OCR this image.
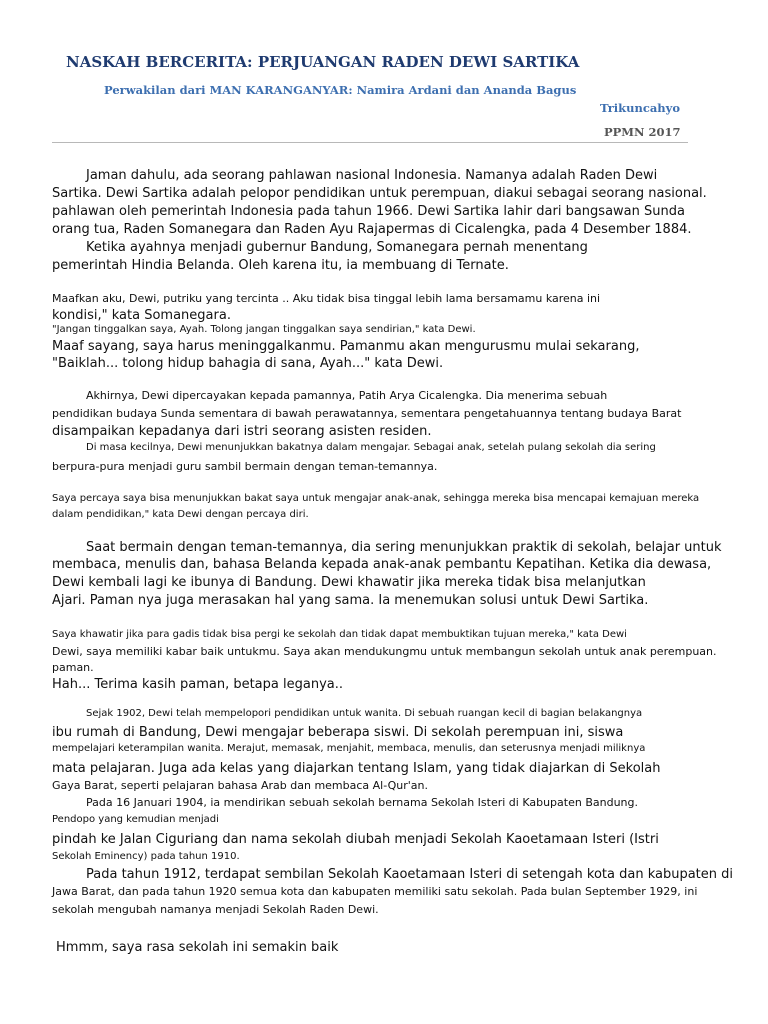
NASKAH BERCERITA: PERJUANGAN RADEN DEWI SARTIKA
Perwakilan dari MAN KARANGANYAR: Namira Ardani dan Ananda Bagus
Trikuncahyo
PPMN 2017
Jaman dahulu, ada seorang pahlawan nasional Indonesia. Namanya adalah Raden Dewi
Sartika. Dewi Sartika adalah pelopor pendidikan untuk perempuan, diakui sebagai seorang nasional.
pahlawan oleh pemerintah Indonesia pada tahun 1966. Dewi Sartika lahir dari bangsawan Sunda
orang tua, Raden Somanegara dan Raden Ayu Rajapermas di Cicalengka, pada 4 Desember 1884.
Ketika ayahnya menjadi gubernur Bandung, Somanegara pernah menentang
pemerintah Hindia Belanda. Oleh karena itu, ia membuang di Ternate.
Maafkan aku, Dewi, putriku yang tercinta .. Aku tidak bisa tinggal lebih lama bersamamu karena ini
kondisi," kata Somanegara.
"Jangan tinggalkan saya, Ayah. Tolong jangan tinggalkan saya sendirian," kata Dewi.
Maaf sayang, saya harus meninggalkanmu. Pamanmu akan mengurusmu mulai sekarang,
"Baiklah... tolong hidup bahagia di sana, Ayah..." kata Dewi.
Akhirnya, Dewi dipercayakan kepada pamannya, Patih Arya Cicalengka. Dia menerima sebuah
pendidikan budaya Sunda sementara di bawah perawatannya, sementara pengetahuannya tentang budaya Barat
disampaikan kepadanya dari istri seorang asisten residen.
Di masa kecilnya, Dewi menunjukkan bakatnya dalam mengajar. Sebagai anak, setelah pulang sekolah dia sering
berpura-pura menjadi guru sambil bermain dengan teman-temannya.
Saya percaya saya bisa menunjukkan bakat saya untuk mengajar anak-anak, sehingga mereka bisa mencapai kemajuan mereka
dalam pendidikan," kata Dewi dengan percaya diri.
Saat bermain dengan teman-temannya, dia sering menunjukkan praktik di sekolah, belajar untuk
membaca, menulis dan, bahasa Belanda kepada anak-anak pembantu Kepatihan. Ketika dia dewasa,
Dewi kembali lagi ke ibunya di Bandung. Dewi khawatir jika mereka tidak bisa melanjutkan
Ajari. Paman nya juga merasakan hal yang sama. Ia menemukan solusi untuk Dewi Sartika.
Saya khawatir jika para gadis tidak bisa pergi ke sekolah dan tidak dapat membuktikan tujuan mereka," kata Dewi
Dewi, saya memiliki kabar baik untukmu. Saya akan mendukungmu untuk membangun sekolah untuk anak perempuan.
paman.
Hah... Terima kasih paman, betapa leganya..
Sejak 1902, Dewi telah mempelopori pendidikan untuk wanita. Di sebuah ruangan kecil di bagian belakangnya
ibu rumah di Bandung, Dewi mengajar beberapa siswi. Di sekolah perempuan ini, siswa
mempelajari keterampilan wanita. Merajut, memasak, menjahit, membaca, menulis, dan seterusnya menjadi miliknya
mata pelajaran. Juga ada kelas yang diajarkan tentang Islam, yang tidak diajarkan di Sekolah
Gaya Barat, seperti pelajaran bahasa Arab dan membaca Al-Qur'an.
Pada 16 Januari 1904, ia mendirikan sebuah sekolah bernama Sekolah Isteri di Kabupaten Bandung.
Pendopo yang kemudian menjadi
pindah ke Jalan Ciguriang dan nama sekolah diubah menjadi Sekolah Kaoetamaan Isteri (Istri
Sekolah Eminency) pada tahun 1910.
Pada tahun 1912, terdapat sembilan Sekolah Kaoetamaan Isteri di setengah kota dan kabupaten di
Jawa Barat, dan pada tahun 1920 semua kota dan kabupaten memiliki satu sekolah. Pada bulan September 1929, ini
sekolah mengubah namanya menjadi Sekolah Raden Dewi.
Hmmm, saya rasa sekolah ini semakin baik
